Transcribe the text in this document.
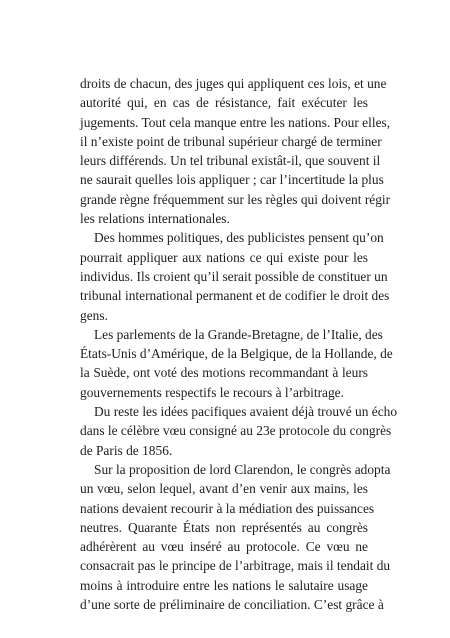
droits de chacun, des juges qui appliquent ces lois, et une
autorité qui, en cas de résistance, fait exécuter les
jugements. Tout cela manque entre les nations. Pour elles,
il n’existe point de tribunal supérieur chargé de terminer
leurs différends. Un tel tribunal existât-il, que souvent il
ne saurait quelles lois appliquer ; car l’incertitude la plus
grande règne fréquemment sur les règles qui doivent régir
les relations internationales.
Des hommes politiques, des publicistes pensent qu’on
pourrait appliquer aux nations ce qui existe pour les
individus. Ils croient qu’il serait possible de constituer un
tribunal international permanent et de codifier le droit des
gens.
Les parlements de la Grande-Bretagne, de l’Italie, des
États-Unis d’Amérique, de la Belgique, de la Hollande, de
la Suède, ont voté des motions recommandant à leurs
gouvernements respectifs le recours à l’arbitrage.
Du reste les idées pacifiques avaient déjà trouvé un écho
dans le célèbre vœu consigné au 23e protocole du congrès
de Paris de 1856.
Sur la proposition de lord Clarendon, le congrès adopta
un vœu, selon lequel, avant d’en venir aux mains, les
nations devaient recourir à la médiation des puissances
neutres. Quarante États non représentés au congrès
adhérèrent au vœu inséré au protocole. Ce vœu ne
consacrait pas le principe de l’arbitrage, mais il tendait du
moins à introduire entre les nations le salutaire usage
d’une sorte de préliminaire de conciliation. C’est grâce à
